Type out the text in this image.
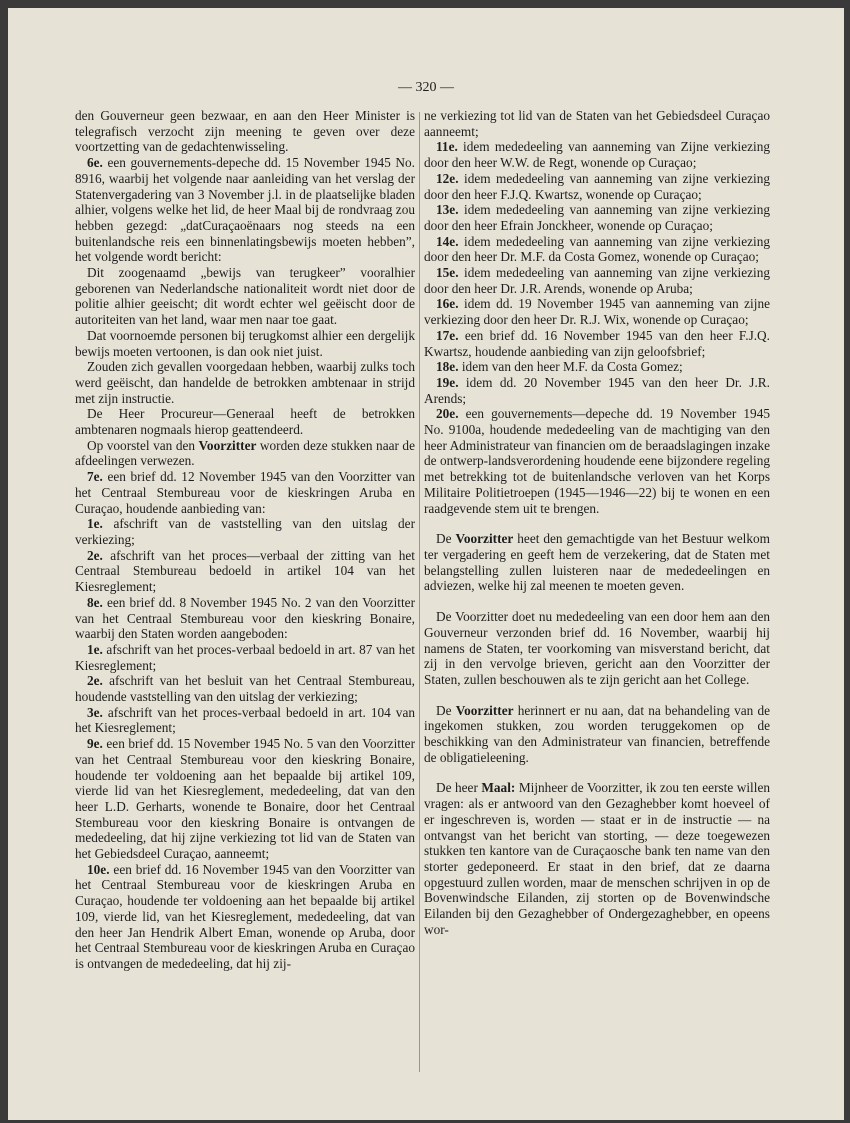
— 320 —

den Gouverneur geen bezwaar, en aan den Heer Minister is telegrafisch verzocht zijn meening te geven over deze voortzetting van de gedachtenwisseling.

6e. een gouvernements-depeche dd. 15 November 1945 No. 8916, waarbij het volgende naar aanleiding van het verslag der Statenvergadering van 3 November j.l. in de plaatselijke bladen alhier, volgens welke het lid, de heer Maal bij de rondvraag zou hebben gezegd: „datCuraçaoënaars nog steeds na een buitenlandsche reis een binnenlatingsbewijs moeten hebben”, het volgende wordt bericht:

Dit zoogenaamd „bewijs van terugkeer” vooralhier geborenen van Nederlandsche nationaliteit wordt niet door de politie alhier geeischt; dit wordt echter wel geëischt door de autoriteiten van het land, waar men naar toe gaat.

Dat voornoemde personen bij terugkomst alhier een dergelijk bewijs moeten vertoonen, is dan ook niet juist.

Zouden zich gevallen voorgedaan hebben, waarbij zulks toch werd geëischt, dan handelde de betrokken ambtenaar in strijd met zijn instructie.

De Heer Procureur—Generaal heeft de betrokken ambtenaren nogmaals hierop geattendeerd.

Op voorstel van den Voorzitter worden deze stukken naar de afdeelingen verwezen.

7e. een brief dd. 12 November 1945 van den Voorzitter van het Centraal Stembureau voor de kieskringen Aruba en Curaçao, houdende aanbieding van:

1e. afschrift van de vaststelling van den uitslag der verkiezing;

2e. afschrift van het proces—verbaal der zitting van het Centraal Stembureau bedoeld in artikel 104 van het Kiesreglement;

8e. een brief dd. 8 November 1945 No. 2 van den Voorzitter van het Centraal Stembureau voor den kieskring Bonaire, waarbij den Staten worden aangeboden:

1e. afschrift van het proces-verbaal bedoeld in art. 87 van het Kiesreglement;

2e. afschrift van het besluit van het Centraal Stembureau, houdende vaststelling van den uitslag der verkiezing;

3e. afschrift van het proces-verbaal bedoeld in art. 104 van het Kiesreglement;

9e. een brief dd. 15 November 1945 No. 5 van den Voorzitter van het Centraal Stembureau voor den kieskring Bonaire, houdende ter voldoening aan het bepaalde bij artikel 109, vierde lid van het Kiesreglement, mededeeling, dat van den heer L.D. Gerharts, wonende te Bonaire, door het Centraal Stembureau voor den kieskring Bonaire is ontvangen de mededeeling, dat hij zijne verkiezing tot lid van de Staten van het Gebiedsdeel Curaçao, aanneemt;

10e. een brief dd. 16 November 1945 van den Voorzitter van het Centraal Stembureau voor de kieskringen Aruba en Curaçao, houdende ter voldoening aan het bepaalde bij artikel 109, vierde lid, van het Kiesreglement, mededeeling, dat van den heer Jan Hendrik Albert Eman, wonende op Aruba, door het Centraal Stembureau voor de kieskringen Aruba en Curaçao is ontvangen de mededeeling, dat hij zij-

ne verkiezing tot lid van de Staten van het Gebiedsdeel Curaçao aanneemt;

11e. idem mededeeling van aanneming van Zijne verkiezing door den heer W.W. de Regt, wonende op Curaçao;

12e. idem mededeeling van aanneming van zijne verkiezing door den heer F.J.Q. Kwartsz, wonende op Curaçao;

13e. idem mededeeling van aanneming van zijne verkiezing door den heer Efrain Jonckheer, wonende op Curaçao;

14e. idem mededeeling van aanneming van zijne verkiezing door den heer Dr. M.F. da Costa Gomez, wonende op Curaçao;

15e. idem mededeeling van aanneming van zijne verkiezing door den heer Dr. J.R. Arends, wonende op Aruba;

16e. idem dd. 19 November 1945 van aanneming van zijne verkiezing door den heer Dr. R.J. Wix, wonende op Curaçao;

17e. een brief dd. 16 November 1945 van den heer F.J.Q. Kwartsz, houdende aanbieding van zijn geloofsbrief;

18e. idem van den heer M.F. da Costa Gomez;

19e. idem dd. 20 November 1945 van den heer Dr. J.R. Arends;

20e. een gouvernements—depeche dd. 19 November 1945 No. 9100a, houdende mededeeling van de machtiging van den heer Administrateur van financien om de beraadslagingen inzake de ontwerp-landsverordening houdende eene bijzondere regeling met betrekking tot de buitenlandsche verloven van het Korps Militaire Politietroepen (1945—1946—22) bij te wonen en een raadgevende stem uit te brengen.

De Voorzitter heet den gemachtigde van het Bestuur welkom ter vergadering en geeft hem de verzekering, dat de Staten met belangstelling zullen luisteren naar de mededeelingen en adviezen, welke hij zal meenen te moeten geven.

De Voorzitter doet nu mededeeling van een door hem aan den Gouverneur verzonden brief dd. 16 November, waarbij hij namens de Staten, ter voorkoming van misverstand bericht, dat zij in den vervolge brieven, gericht aan den Voorzitter der Staten, zullen beschouwen als te zijn gericht aan het College.

De Voorzitter herinnert er nu aan, dat na behandeling van de ingekomen stukken, zou worden teruggekomen op de beschikking van den Administrateur van financien, betreffende de obligatieleening.

De heer Maal: Mijnheer de Voorzitter, ik zou ten eerste willen vragen: als er antwoord van den Gezaghebber komt hoeveel of er ingeschreven is, worden — staat er in de instructie — na ontvangst van het bericht van storting, — deze toegewezen stukken ten kantore van de Curaçaosche bank ten name van den storter gedeponeerd. Er staat in den brief, dat ze daarna opgestuurd zullen worden, maar de menschen schrijven in op de Bovenwindsche Eilanden, zij storten op de Bovenwindsche Eilanden bij den Gezaghebber of Ondergezaghebber, en opeens wor-
